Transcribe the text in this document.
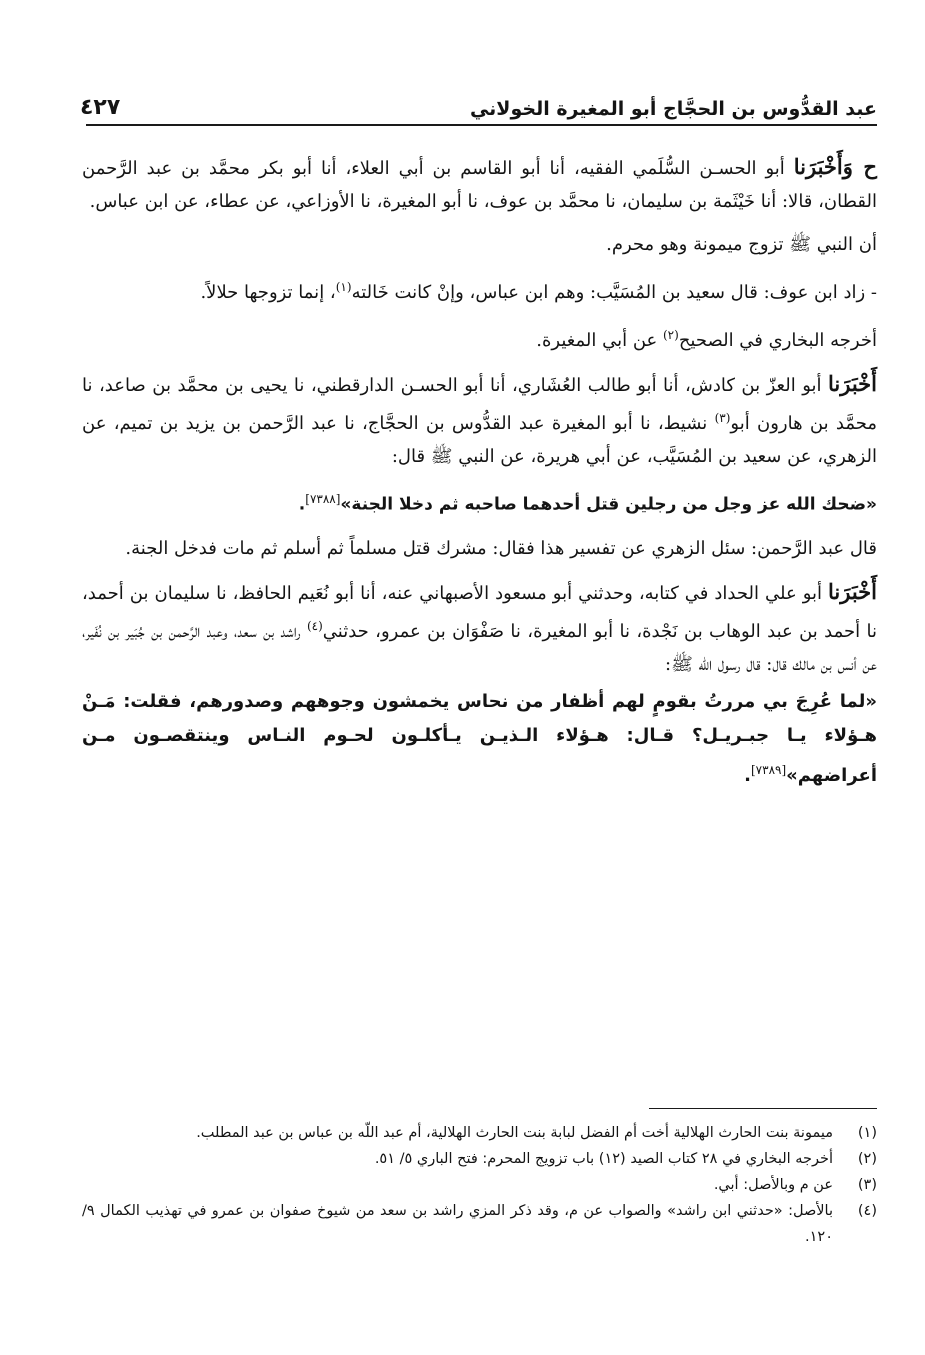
عبد القدُّوس بن الحجَّاج أبو المغيرة الخولاني
٤٢٧

ح وَأَخْبَرَنا أبو الحسـن السُّلَمي الفقيه، أنا أبو القاسم بن أبي العلاء، أنا أبو بكر محمَّد بن عبد الرَّحمن القطان، قالا: أنا خَيْثَمة بن سليمان، نا محمَّد بن عوف، نا أبو المغيرة، نا الأوزاعي، عن عطاء، عن ابن عباس.

أن النبي ﷺ تزوج ميمونة وهو محرم.

- زاد ابن عوف: قال سعيد بن المُسَيَّب: وهم ابن عباس، وإنْ كانت خَالته$^{(١)}$، إنما تزوجها حلالاً.

أخرجه البخاري في الصحيح$^{(٢)}$ عن أبي المغيرة.

أَخْبَرَنا أبو العزّ بن كادش، أنا أبو طالب العُشَاري، أنا أبو الحسـن الدارقطني، نا يحيى بن محمَّد بن صاعد، نا محمَّد بن هارون أبو$^{(٣)}$ نشيط، نا أبو المغيرة عبد القدُّوس بن الحجَّاج، نا عبد الرَّحمن بن يزيد بن تميم، عن الزهري، عن سعيد بن المُسَيَّب، عن أبي هريرة، عن النبي ﷺ قال:

«ضحك الله عز وجل من رجلين قتل أحدهما صاحبه ثم دخلا الجنة»[٧٣٨٨].

قال عبد الرَّحمن: سئل الزهري عن تفسير هذا فقال: مشرك قتل مسلماً ثم أسلم ثم مات فدخل الجنة.

أَخْبَرَنا أبو علي الحداد في كتابه، وحدثني أبو مسعود الأصبهاني عنه، أنا أبو نُعَيم الحافظ، نا سليمان بن أحمد، نا أحمد بن عبد الوهاب بن نَجْدة، نا أبو المغيرة، نا صَفْوَان بن عمرو، حدثني$^{(٤)}$ راشد بن سعد، وعبد الرَّحمن بن جُبَير بن نُفَير، عن أنس بن مالك قال: قال رسول الله ﷺ:

«لما عُرِجَ بي مررتُ بقومٍ لهم أظفار من نحاس يخمشون وجوههم وصدورهم، فقلت: مَـنْ هـؤلاء يـا جبـريـل؟ قـال: هـؤلاء الـذيـن يـأكلـون لحـوم النـاس وينتقصـون مـن أعراضهم»[٧٣٨٩].

(١)
ميمونة بنت الحارث الهلالية أخت أم الفضل لبابة بنت الحارث الهلالية، أم عبد اللّه بن عباس بن عبد المطلب.
(٢)
أخرجه البخاري في ٢٨ كتاب الصيد (١٢) باب تزويج المحرم: فتح الباري ٥/ ٥١.
(٣)
عن م وبالأصل: أبي.
(٤)
بالأصل: «حدثني ابن راشد» والصواب عن م، وقد ذكر المزي راشد بن سعد من شيوخ صفوان بن عمرو في تهذيب الكمال ٩/ ١٢٠.
